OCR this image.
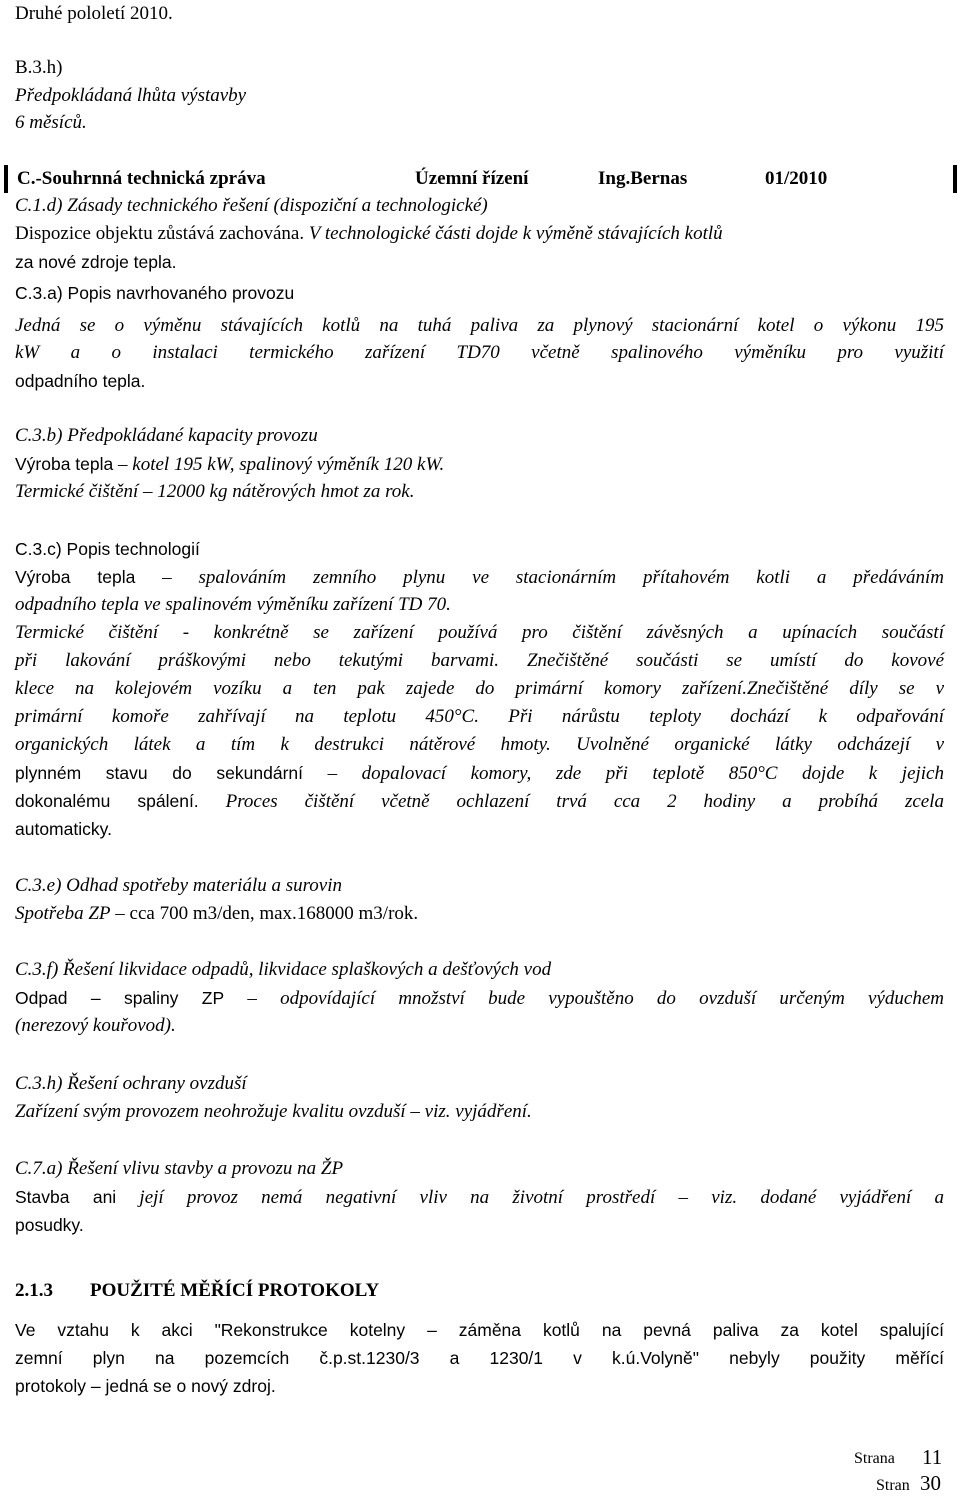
Druhé pololetí 2010.
B.3.h)
Předpokládaná lhůta výstavby
6 měsíců.
C.-Souhrnná technická zpráva	Územní řízení	Ing.Bernas	01/2010
C.1.d) Zásady technického řešení (dispoziční a technologické)
Dispozice objektu zůstává zachována. V technologické části dojde k výměně stávajících kotlů
za nové zdroje tepla.
C.3.a) Popis navrhovaného provozu
Jedná se o výměnu stávajících kotlů na tuhá paliva za plynový stacionární kotel o výkonu 195
kW a o instalaci termického zařízení TD70 včetně spalinového výměníku pro využití
odpadního tepla.
C.3.b) Předpokládané kapacity provozu
Výroba tepla – kotel 195 kW, spalinový výměník 120 kW.
Termické čištění – 12000 kg nátěrových hmot za rok.
C.3.c) Popis technologií
Výroba tepla – spalováním zemního plynu ve stacionárním přítahovém kotli a předáváním
odpadního tepla ve spalinovém výměníku zařízení TD 70.
Termické čištění - konkrétně se zařízení používá pro čištění závěsných a upínacích součástí
při lakování práškovými nebo tekutými barvami. Znečištěné součásti se umístí do kovové
klece na kolejovém vozíku a ten pak zajede do primární komory zařízení.Znečištěné díly se v
primární komoře zahřívají na teplotu 450°C. Při nárůstu teploty dochází k odpařování
organických látek a tím k destrukci nátěrové hmoty. Uvolněné organické látky odcházejí v
plynném stavu do sekundární – dopalovací komory, zde při teplotě 850°C dojde k jejich
dokonalému spálení. Proces čištění včetně ochlazení trvá cca 2 hodiny a probíhá zcela
automaticky.
C.3.e) Odhad spotřeby materiálu a surovin
Spotřeba ZP – cca 700 m3/den, max.168000 m3/rok.
C.3.f) Řešení likvidace odpadů, likvidace splaškových a dešťových vod
Odpad – spaliny ZP – odpovídající množství bude vypouštěno do ovzduší určeným výduchem
(nerezový kouřovod).
C.3.h) Řešení ochrany ovzduší
Zařízení svým provozem neohrožuje kvalitu ovzduší – viz. vyjádření.
C.7.a) Řešení vlivu stavby a provozu na ŽP
Stavba ani její provoz nemá negativní vliv na životní prostředí – viz. dodané vyjádření a
posudky.
2.1.3 POUŽITÉ MĚŘÍCÍ PROTOKOLY
Ve vztahu k akci "Rekonstrukce kotelny – záměna kotlů na pevná paliva za kotel spalující
zemní plyn na pozemcích č.p.st.1230/3 a 1230/1 v k.ú.Volyně" nebyly použity měřící
protokoly – jedná se o nový zdroj.
Strana 11
Stran 30
